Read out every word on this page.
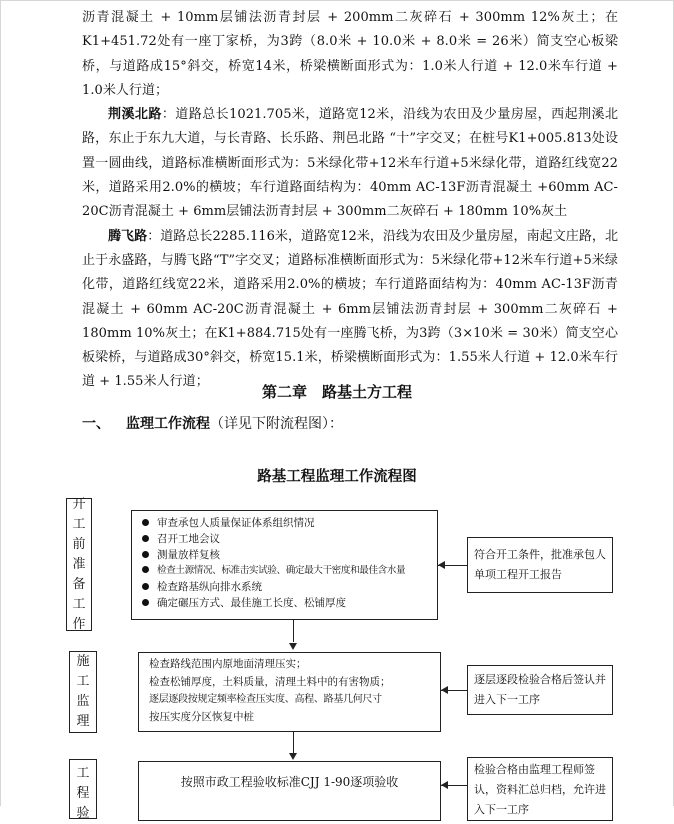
沥青混凝土 + 10mm层铺法沥青封层 + 200mm二灰碎石 + 300mm 12%灰土；在K1+451.72处有一座丁家桥，为3跨（8.0米 + 10.0米 + 8.0米 = 26米）简支空心板梁桥，与道路成15°斜交，桥宽14米，桥梁横断面形式为：1.0米人行道 + 12.0米车行道 + 1.0米人行道；

荆溪北路：道路总长1021.705米，道路宽12米，沿线为农田及少量房屋，西起荆溪北路，东止于东九大道，与长青路、长乐路、荆邑北路 “十”字交叉；在桩号K1+005.813处设置一圆曲线，道路标准横断面形式为：5米绿化带+12米车行道+5米绿化带，道路红线宽22米，道路采用2.0%的横坡；车行道路面结构为：40mm AC-13F沥青混凝土 +60mm AC-20C沥青混凝土 + 6mm层铺法沥青封层 + 300mm二灰碎石 + 180mm 10%灰土

腾飞路：道路总长2285.116米，道路宽12米，沿线为农田及少量房屋，南起文庄路，北止于永盛路，与腾飞路“T”字交叉；道路标准横断面形式为：5米绿化带+12米车行道+5米绿化带，道路红线宽22米，道路采用2.0%的横坡；车行道路面结构为：40mm AC-13F沥青混凝土 + 60mm AC-20C沥青混凝土 + 6mm层铺法沥青封层 + 300mm二灰碎石 + 180mm 10%灰土；在K1+884.715处有一座腾飞桥，为3跨（3×10米 = 30米）简支空心板梁桥，与道路成30°斜交，桥宽15.1米，桥梁横断面形式为：1.55米人行道 + 12.0米车行道 + 1.55米人行道；

第二章　路基土方工程
一、 监理工作流程（详见下附流程图）：
路基工程监理工作流程图
开
工
前
准
备
工
作
审查承包人质量保证体系组织情况
召开工地会议
测量放样复核
检查土源情况、标准击实试验、确定最大干密度和最佳含水量
检查路基纵向排水系统
确定碾压方式、最佳施工长度、松铺厚度
符合开工条件，批准承包人单项工程开工报告
施
工
监
理
检查路线范围内原地面清理压实；
检查松铺厚度，土料质量，清理土料中的有害物质；
逐层逐段按规定频率检查压实度、高程、路基几何尺寸
按压实度分区恢复中桩
逐层逐段检验合格后签认并进入下一工序
工
程
验
按照市政工程验收标准CJJ 1-90逐项验收
检验合格由监理工程师签认，资料汇总归档，允许进入下一工序
